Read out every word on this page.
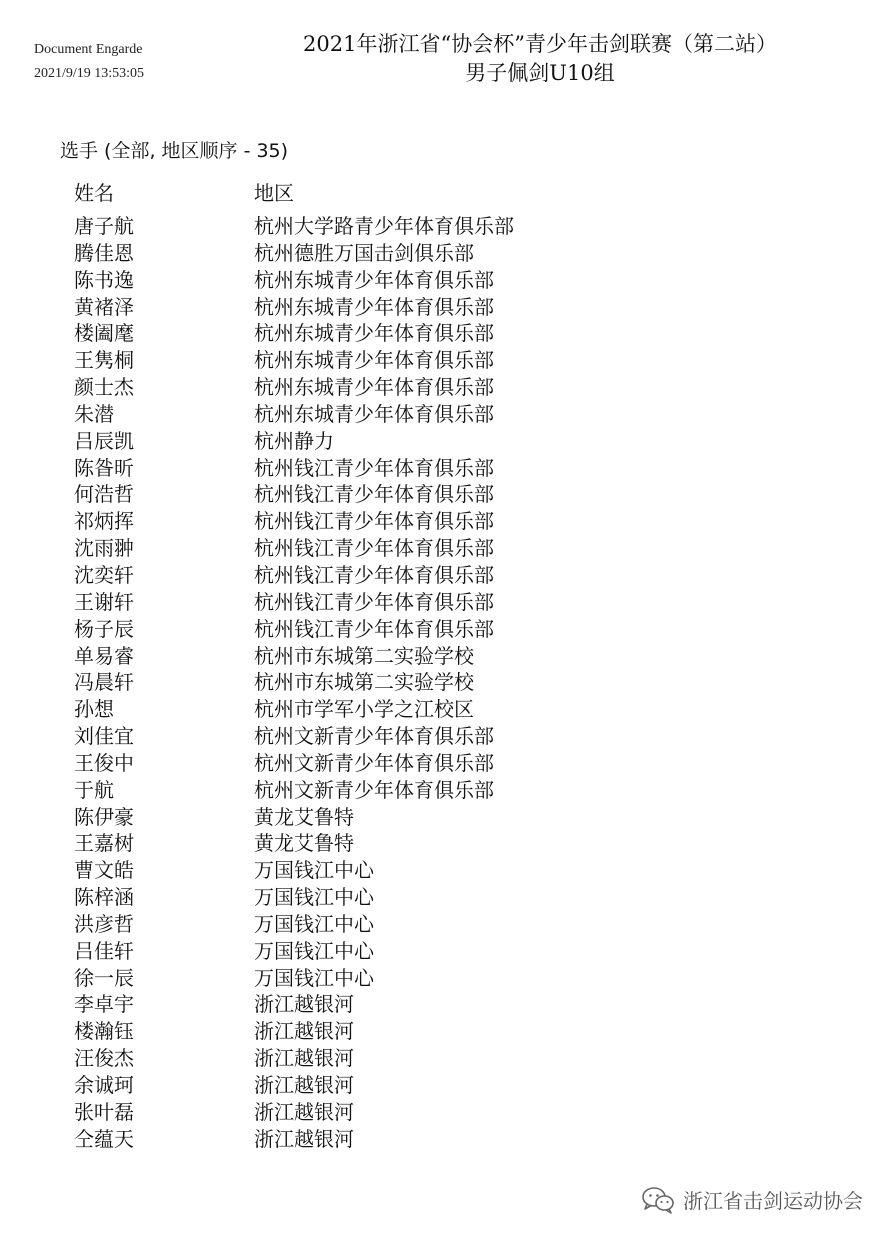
Document Engarde
2021/9/19 13:53:05
2021年浙江省“协会杯”青少年击剑联赛（第二站）
男子佩剑U10组
选手 (全部, 地区顺序 - 35)
姓名	地区
唐子航	杭州大学路青少年体育俱乐部
腾佳恩	杭州德胜万国击剑俱乐部
陈书逸	杭州东城青少年体育俱乐部
黄褚泽	杭州东城青少年体育俱乐部
楼阖麾	杭州东城青少年体育俱乐部
王隽桐	杭州东城青少年体育俱乐部
颜士杰	杭州东城青少年体育俱乐部
朱潜	杭州东城青少年体育俱乐部
吕辰凯	杭州静力
陈昝昕	杭州钱江青少年体育俱乐部
何浩哲	杭州钱江青少年体育俱乐部
祁炳挥	杭州钱江青少年体育俱乐部
沈雨翀	杭州钱江青少年体育俱乐部
沈奕轩	杭州钱江青少年体育俱乐部
王谢轩	杭州钱江青少年体育俱乐部
杨子辰	杭州钱江青少年体育俱乐部
单易睿	杭州市东城第二实验学校
冯晨轩	杭州市东城第二实验学校
孙想	杭州市学军小学之江校区
刘佳宜	杭州文新青少年体育俱乐部
王俊中	杭州文新青少年体育俱乐部
于航	杭州文新青少年体育俱乐部
陈伊豪	黄龙艾鲁特
王嘉树	黄龙艾鲁特
曹文皓	万国钱江中心
陈梓涵	万国钱江中心
洪彦哲	万国钱江中心
吕佳轩	万国钱江中心
徐一辰	万国钱江中心
李卓宇	浙江越银河
楼瀚钰	浙江越银河
汪俊杰	浙江越银河
余诚珂	浙江越银河
张叶磊	浙江越银河
仝蕴天	浙江越银河
浙江省击剑运动协会
